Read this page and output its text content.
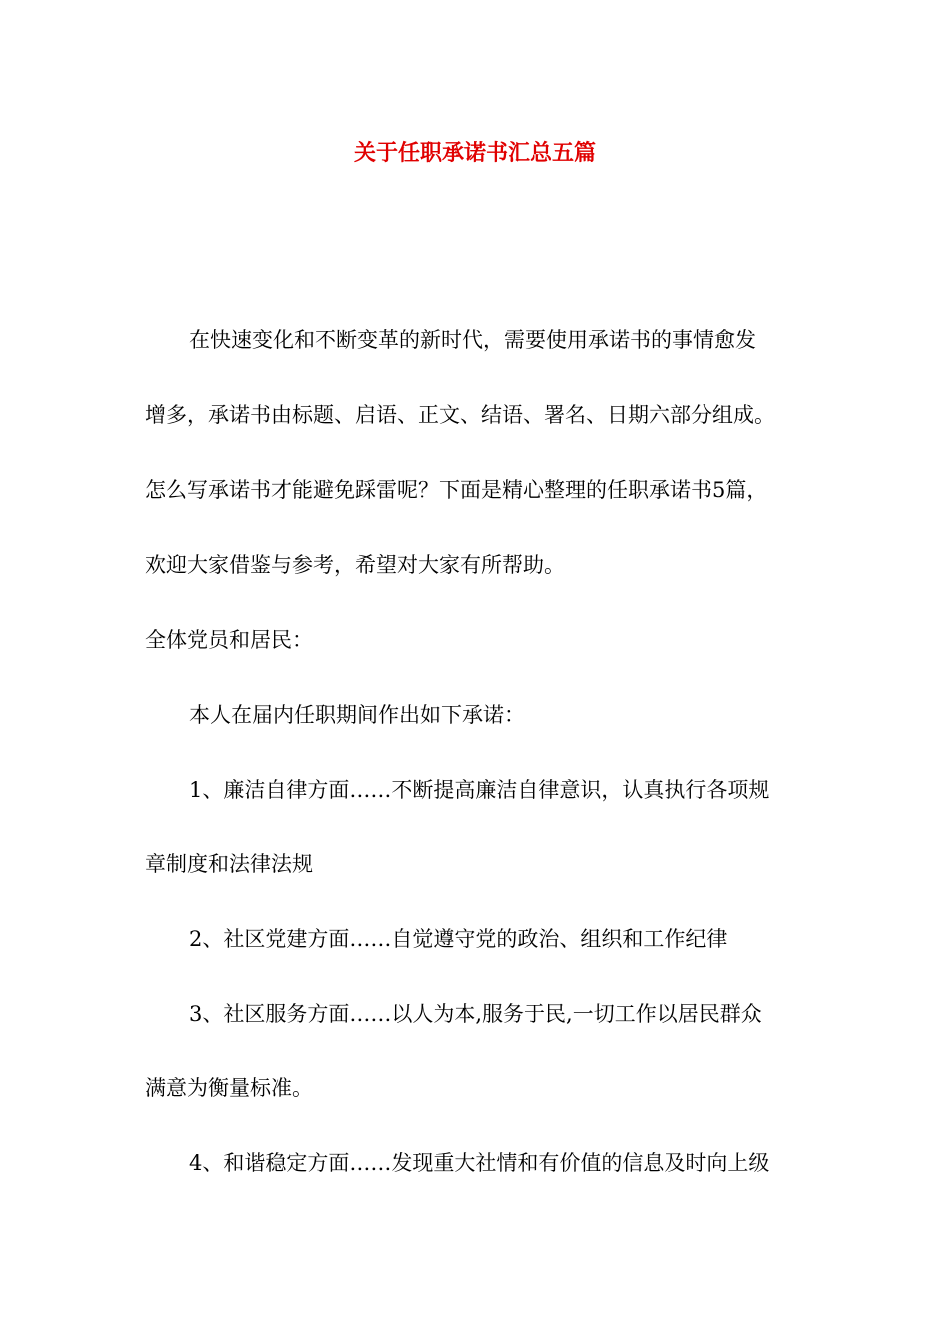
关于任职承诺书汇总五篇
在快速变化和不断变革的新时代，需要使用承诺书的事情愈发
增多，承诺书由标题、启语、正文、结语、署名、日期六部分组成。
怎么写承诺书才能避免踩雷呢？下面是精心整理的任职承诺书5篇，
欢迎大家借鉴与参考，希望对大家有所帮助。
全体党员和居民：
本人在届内任职期间作出如下承诺：
1、廉洁自律方面……不断提高廉洁自律意识，认真执行各项规
章制度和法律法规
2、社区党建方面……自觉遵守党的政治、组织和工作纪律
3、社区服务方面……以人为本,服务于民,一切工作以居民群众
满意为衡量标准。
4、和谐稳定方面……发现重大社情和有价值的信息及时向上级
